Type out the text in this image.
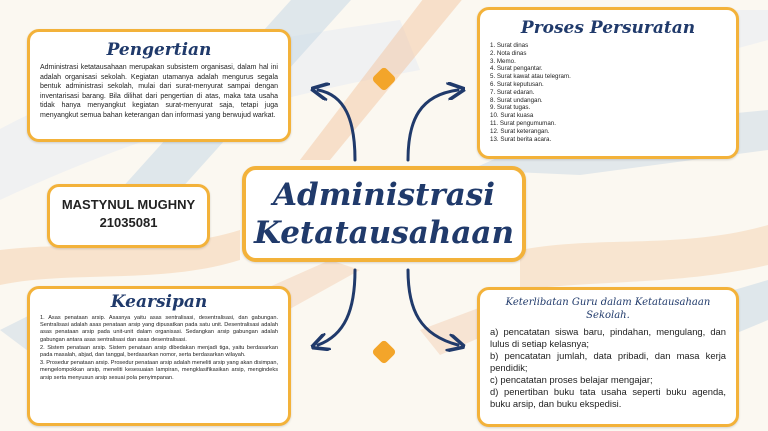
Administrasi
Ketatausahaan
Pengertian
Administrasi ketatausahaan merupakan subsistem organisasi, dalam hal ini adalah organisasi sekolah. Kegiatan utamanya adalah mengurus segala bentuk administrasi sekolah, mulai dari surat-menyurat sampai dengan inventarisasi barang. Bila dilihat dari pengertian di atas, maka tata usaha tidak hanya menyangkut kegiatan surat-menyurat saja, tetapi juga menyangkut semua bahan keterangan dan informasi yang berwujud warkat.
MASTYNUL MUGHNY
21035081
Proses Persuratan
1. Surat dinas
2. Nota dinas
3. Memo.
4. Surat pengantar.
5. Surat kawat atau telegram.
6. Surat keputusan.
7. Surat edaran.
8. Surat undangan.
9. Surat tugas.
10. Surat kuasa
11. Surat pengumuman.
12. Surat keterangan.
13. Surat berita acara.
Kearsipan
1. Asas penataan arsip. Asasnya yaitu asas sentralisasi, desentralisasi, dan gabungan. Sentralisasi adalah asas penataan arsip yang dipusatkan pada satu unit. Desentralisasi adalah asas penataan arsip pada unit-unit dalam organisasi. Sedangkan arsip gabungan adalah gabungan antara asas sentralisasi dan asas desentralisasi.
2. Sistem penataan arsip. Sistem penataan arsip dibedakan menjadi tiga, yaitu berdasarkan pada masalah, abjad, dan tanggal, berdasarkan nomor, serta berdasarkan wilayah.
3. Prosedur penataan arsip. Prosedur penataan arsip adalah meneliti arsip yang akan disimpan, mengelompokkan arsip, meneliti kesesuaian lampiran, mengklasifikasikan arsip, mengindeks arsip serta menyusun arsip sesuai pola penyimpanan.
Keterlibatan Guru dalam Ketatausahaan Sekolah.
a) pencatatan siswa baru, pindahan, mengulang, dan lulus di setiap kelasnya;
b) pencatatan jumlah, data pribadi, dan masa kerja pendidik;
c) pencatatan proses belajar mengajar;
d) penertiban buku tata usaha seperti buku agenda, buku arsip, dan buku ekspedisi.
